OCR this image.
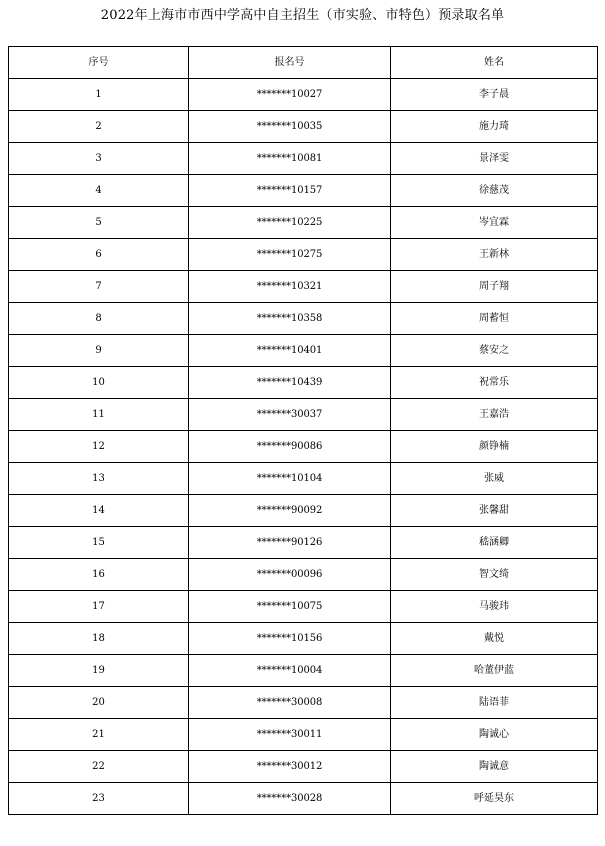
2022年上海市市西中学高中自主招生（市实验、市特色）预录取名单
序号	报名号	姓名
1	*******10027	李子晨
2	*******10035	施力琦
3	*******10081	景泽雯
4	*******10157	徐慈茂
5	*******10225	岑宜霖
6	*******10275	王新林
7	*******10321	周子翔
8	*******10358	周蓄恒
9	*******10401	蔡安之
10	*******10439	祝常乐
11	*******30037	王嘉浩
12	*******90086	颜铮楠
13	*******10104	张威
14	*******90092	张馨甜
15	*******90126	嵇涵卿
16	*******00096	智文绮
17	*******10075	马骏玮
18	*******10156	戴悦
19	*******10004	哈董伊蓝
20	*******30008	陆语菲
21	*******30011	陶诚心
22	*******30012	陶诚意
23	*******30028	呼延昊东
